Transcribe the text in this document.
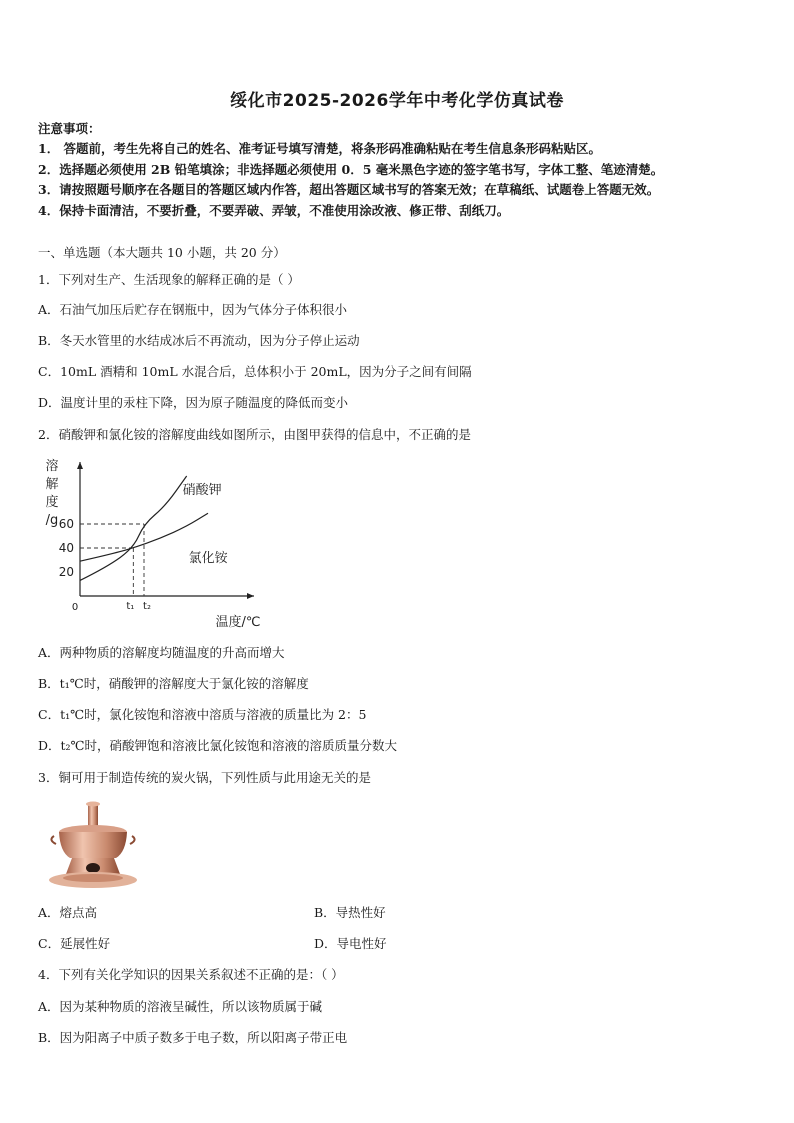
绥化市2025-2026学年中考化学仿真试卷
注意事项：
1． 答题前，考生先将自己的姓名、准考证号填写清楚，将条形码准确粘贴在考生信息条形码粘贴区。
2．选择题必须使用 2B 铅笔填涂；非选择题必须使用 0．5 毫米黑色字迹的签字笔书写，字体工整、笔迹清楚。
3．请按照题号顺序在各题目的答题区域内作答，超出答题区域书写的答案无效；在草稿纸、试题卷上答题无效。
4．保持卡面清洁，不要折叠，不要弄破、弄皱，不准使用涂改液、修正带、刮纸刀。
一、单选题（本大题共 10 小题，共 20 分）
1．下列对生产、生活现象的解释正确的是（ ）
A．石油气加压后贮存在钢瓶中，因为气体分子体积很小
B．冬天水管里的水结成冰后不再流动，因为分子停止运动
C．10mL 酒精和 10mL 水混合后，总体积小于 20mL，因为分子之间有间隔
D．温度计里的汞柱下降，因为原子随温度的降低而变小
2．硝酸钾和氯化铵的溶解度曲线如图所示，由图甲获得的信息中，不正确的是
溶
解
度
/g
温度/℃
0
20
40
60
t₁ t₂
硝酸钾
氯化铵
A．两种物质的溶解度均随温度的升高而增大
B．t₁℃时，硝酸钾的溶解度大于氯化铵的溶解度
C．t₁℃时，氯化铵饱和溶液中溶质与溶液的质量比为 2：5
D．t₂℃时，硝酸钾饱和溶液比氯化铵饱和溶液的溶质质量分数大
3．铜可用于制造传统的炭火锅，下列性质与此用途无关的是
A．熔点高	B．导热性好
C．延展性好	D．导电性好
4．下列有关化学知识的因果关系叙述不正确的是：（ ）
A．因为某种物质的溶液呈碱性，所以该物质属于碱
B．因为阳离子中质子数多于电子数，所以阳离子带正电
